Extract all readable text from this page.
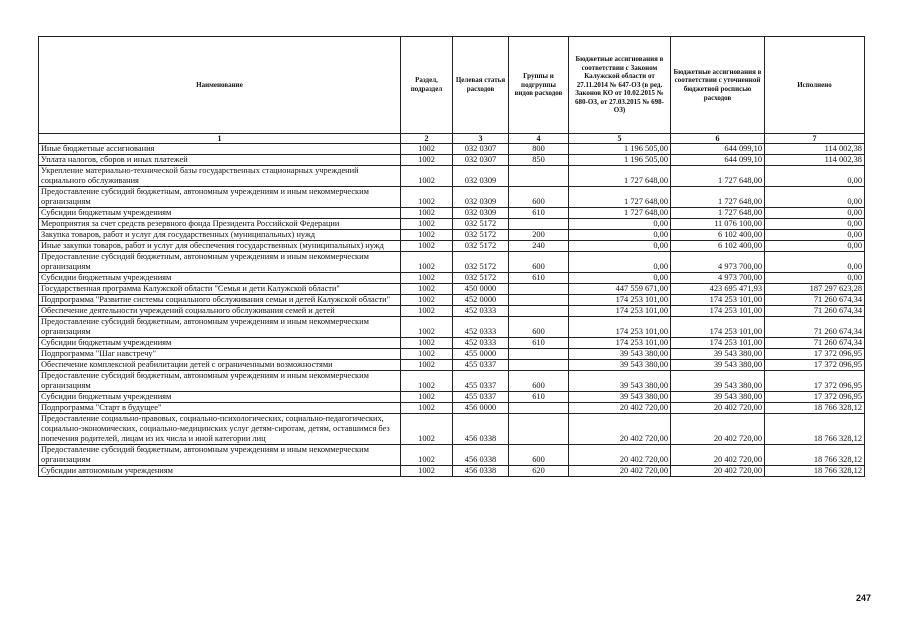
Наименование	Раздел, подраздел	Целевая статья расходов	Группы и подгруппы видов расходов	Бюджетные ассигнования в соответствии с Законом Калужской области от 27.11.2014 № 647-ОЗ (в ред. Законов КО от 10.02.2015 № 680-ОЗ, от 27.03.2015 № 698-ОЗ)	Бюджетные ассигнования в соответствии с уточненной бюджетной росписью расходов	Исполнено
1	2	3	4	5	6	7
Иные бюджетные ассигнования	1002	032 0307	800	1 196 505,00	644 099,10	114 002,38
Уплата налогов, сборов и иных платежей	1002	032 0307	850	1 196 505,00	644 099,10	114 002,38
Укрепление материально-технической базы государственных стационарных учреждений социального обслуживания	1002	032 0309		1 727 648,00	1 727 648,00	0,00
Предоставление субсидий бюджетным, автономным учреждениям и иным некоммерческим организациям	1002	032 0309	600	1 727 648,00	1 727 648,00	0,00
Субсидии бюджетным учреждениям	1002	032 0309	610	1 727 648,00	1 727 648,00	0,00
Мероприятия за счет средств резервного фонда Президента Российской Федерации	1002	032 5172		0,00	11 076 100,00	0,00
Закупка товаров, работ и услуг для государственных (муниципальных) нужд	1002	032 5172	200	0,00	6 102 400,00	0,00
Иные закупки товаров, работ и услуг для обеспечения государственных (муниципальных) нужд	1002	032 5172	240	0,00	6 102 400,00	0,00
Предоставление субсидий бюджетным, автономным учреждениям и иным некоммерческим организациям	1002	032 5172	600	0,00	4 973 700,00	0,00
Субсидии бюджетным учреждениям	1002	032 5172	610	0,00	4 973 700,00	0,00
Государственная программа Калужской области "Семья и дети Калужской области"	1002	450 0000		447 559 671,00	423 695 471,93	187 297 623,28
Подпрограмма "Развитие системы социального обслуживания семьи и детей Калужской области"	1002	452 0000		174 253 101,00	174 253 101,00	71 260 674,34
Обеспечение деятельности учреждений социального обслуживания семей и детей	1002	452 0333		174 253 101,00	174 253 101,00	71 260 674,34
Предоставление субсидий бюджетным, автономным учреждениям и иным некоммерческим организациям	1002	452 0333	600	174 253 101,00	174 253 101,00	71 260 674,34
Субсидии бюджетным учреждениям	1002	452 0333	610	174 253 101,00	174 253 101,00	71 260 674,34
Подпрограмма "Шаг навстречу"	1002	455 0000		39 543 380,00	39 543 380,00	17 372 096,95
Обеспечение комплексной реабилитации детей с ограниченными возможностями	1002	455 0337		39 543 380,00	39 543 380,00	17 372 096,95
Предоставление субсидий бюджетным, автономным учреждениям и иным некоммерческим организациям	1002	455 0337	600	39 543 380,00	39 543 380,00	17 372 096,95
Субсидии бюджетным учреждениям	1002	455 0337	610	39 543 380,00	39 543 380,00	17 372 096,95
Подпрограмма "Старт в будущее"	1002	456 0000		20 402 720,00	20 402 720,00	18 766 328,12
Предоставление социально-правовых, социально-психологических, социально-педагогических, социально-экономических, социально-медицинских услуг детям-сиротам, детям, оставшимся без попечения родителей, лицам из их числа и иной категории лиц	1002	456 0338		20 402 720,00	20 402 720,00	18 766 328,12
Предоставление субсидий бюджетным, автономным учреждениям и иным некоммерческим организациям	1002	456 0338	600	20 402 720,00	20 402 720,00	18 766 328,12
Субсидии автономным учреждениям	1002	456 0338	620	20 402 720,00	20 402 720,00	18 766 328,12
247
